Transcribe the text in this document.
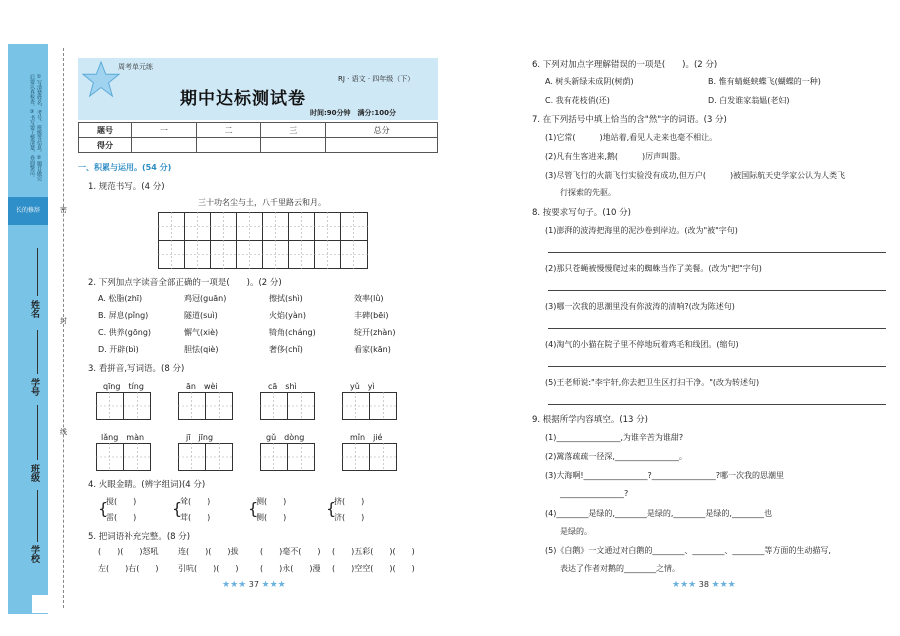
①写清楚姓名、考号、班级等信息。②题目做完后要认真检查。③书写要工整清楚，卷面整洁。
长的修辞
姓名
学号
班级
学校
密
封
线
周考单元练
期中达标测试卷
RJ · 语文 · 四年级（下）
时间:90分钟　满分:100分
题号	一	二	三	总分
得分				
一、积累与运用。(54 分)
1. 规范书写。(4 分)
三十功名尘与土，八千里路云和月。
2. 下列加点字读音全部正确的一项是(　　)。(2 分)
A. 松脂(zhī)	鸡冠(guān)	擦拭(shì)	效率(lǜ)
B. 屏息(pǐng)	隧道(suì)	火焰(yàn)	丰碑(bēi)
C. 供养(gōng)	懈气(xiè)	犄角(cháng)	绽开(zhàn)
D. 开辟(bì)	胆怯(qiè)	奢侈(chǐ)	看家(kān)
3. 看拼音,写词语。(8 分)
qīng　tíng	ān　wèi	cā　shì	yǔ　yì
lǎng　màn	jī　jīng	gǔ　dòng	mǐn　jié
4. 火眼金睛。(辨字组词)(4 分)
{
搅(　　)
雷(　　) {
耸(　　)
茸(　　) {
测(　　)
侧(　　) {
挤(　　)
济(　　)
5. 把词语补充完整。(8 分)
(　　)(　　)怒吼 连(　　)(　　)拔	(　　)毫不(　　) (　　)五彩(　　)(　　)
左(　　)右(　　) 引吭(　　)(　　)	(　　)永(　　)漫 (　　)空空(　　)(　　)
★★★ 37 ★★★
6. 下列对加点字理解错误的一项是(　　)。(2 分)
A. 树头新绿未成阴(树荫)	B. 惟有蜻蜓蛱蝶飞(蝴蝶的一种)
C. 我有花枝俏(还)	D. 白发谁家翁媪(老妇)
7. 在下列括号中填上恰当的含"然"字的词语。(3 分)
(1)它常(　　　)地站着,看见人走来也毫不相让。
(2)凡有生客进来,鹅(　　　)厉声叫嚣。
(3)尽管飞行的火箭飞行实验没有成功,但万户(　　　)被国际航天史学家公认为人类飞
行探索的先驱。
8. 按要求写句子。(10 分)
(1)澎湃的波涛把海里的泥沙卷到岸边。(改为"被"字句)
(2)那只苍蝇被慢慢爬过来的蜘蛛当作了美餐。(改为"把"字句)
(3)哪一次我的思潮里没有你波涛的清响?(改为陈述句)
(4)淘气的小猫在院子里不停地玩着鸡毛和线团。(缩句)
(5)王老师说:"李宇轩,你去把卫生区打扫干净。"(改为转述句)
9. 根据所学内容填空。(13 分)
(1)________________,为谁辛苦为谁甜?
(2)篱落疏疏一径深,________________。
(3)大海啊!________________?________________?哪一次我的思潮里
________________?
(4)________是绿的,________是绿的,________是绿的,________也
是绿的。
(5)《白鹅》一文通过对白鹅的________、________、________等方面的生动描写,
表达了作者对鹅的________之情。
★★★ 38 ★★★
